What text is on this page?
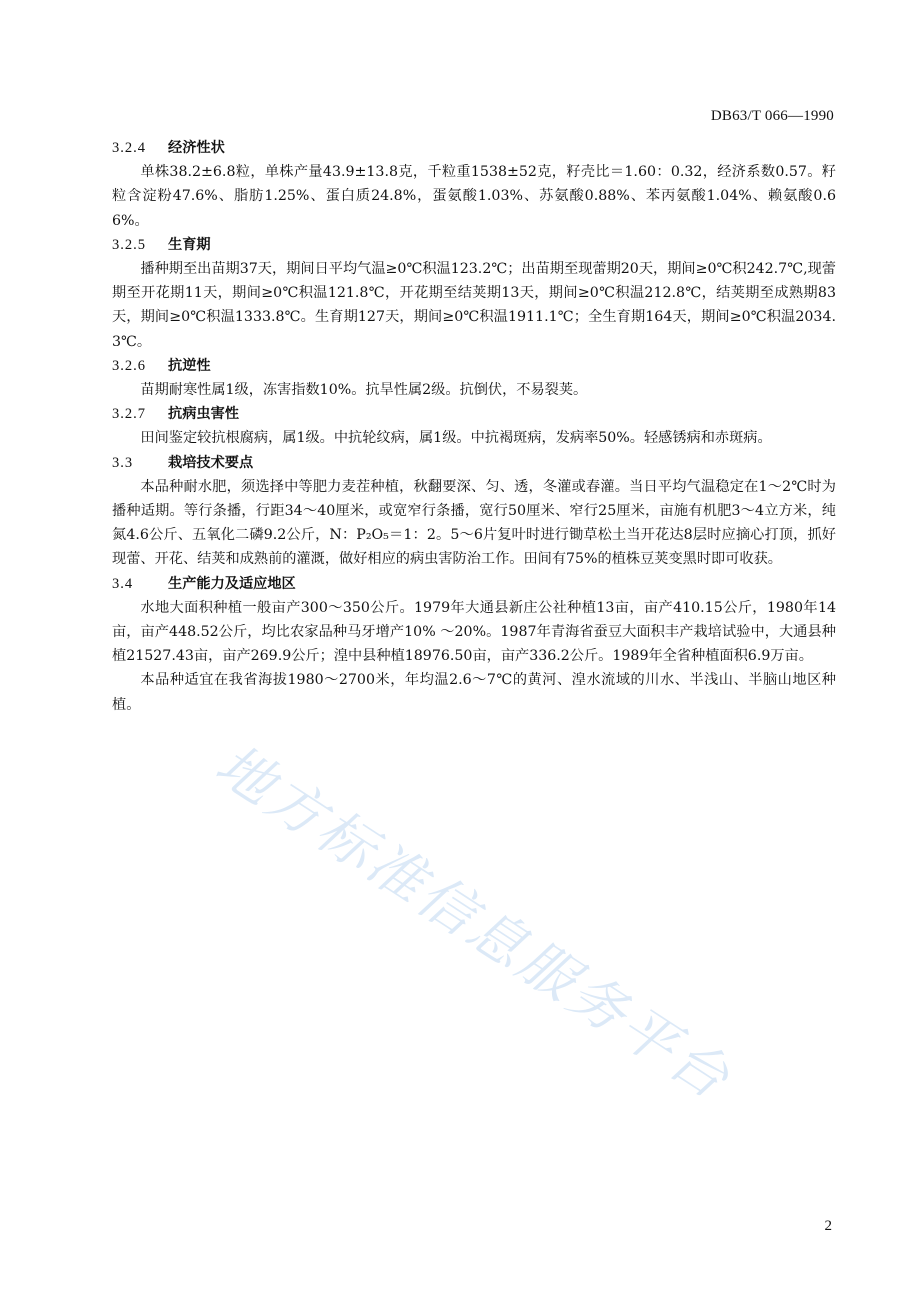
DB63/T 066—1990
3.2.4	经济性状

单株38.2±6.8粒，单株产量43.9±13.8克，千粒重1538±52克，籽壳比＝1.60：0.32，经济系数0.57。籽粒含淀粉47.6%、脂肪1.25%、蛋白质24.8%，蛋氨酸1.03%、苏氨酸0.88%、苯丙氨酸1.04%、赖氨酸0.66%。

3.2.5	生育期

播种期至出苗期37天，期间日平均气温≥0℃积温123.2℃；出苗期至现蕾期20天，期间≥0℃积242.7℃,现蕾期至开花期11天，期间≥0℃积温121.8℃，开花期至结荚期13天，期间≥0℃积温212.8℃，结荚期至成熟期83天，期间≥0℃积温1333.8℃。生育期127天，期间≥0℃积温1911.1℃；全生育期164天，期间≥0℃积温2034.3℃。

3.2.6	抗逆性

苗期耐寒性属1级，冻害指数10%。抗旱性属2级。抗倒伏，不易裂荚。

3.2.7	抗病虫害性

田间鉴定较抗根腐病，属1级。中抗轮纹病，属1级。中抗褐斑病，发病率50%。轻感锈病和赤斑病。

3.3	栽培技术要点

本品种耐水肥，须选择中等肥力麦茬种植，秋翻要深、匀、透，冬灌或春灌。当日平均气温稳定在1～2℃时为播种适期。等行条播，行距34～40厘米，或宽窄行条播，宽行50厘米、窄行25厘米，亩施有机肥3～4立方米，纯氮4.6公斤、五氧化二磷9.2公斤，N：P₂O₅＝1：2。5～6片复叶时进行锄草松土当开花达8层时应摘心打顶，抓好现蕾、开花、结荚和成熟前的灌溉，做好相应的病虫害防治工作。田间有75%的植株豆荚变黑时即可收获。

3.4	生产能力及适应地区

水地大面积种植一般亩产300～350公斤。1979年大通县新庄公社种植13亩，亩产410.15公斤，1980年14亩，亩产448.52公斤，均比农家品种马牙增产10% ～20%。1987年青海省蚕豆大面积丰产栽培试验中，大通县种植21527.43亩，亩产269.9公斤；湟中县种植18976.50亩，亩产336.2公斤。1989年全省种植面积6.9万亩。

本品种适宜在我省海拔1980～2700米，年均温2.6～7℃的黄河、湟水流域的川水、半浅山、半脑山地区种植。

地方标准信息服务平台
2
